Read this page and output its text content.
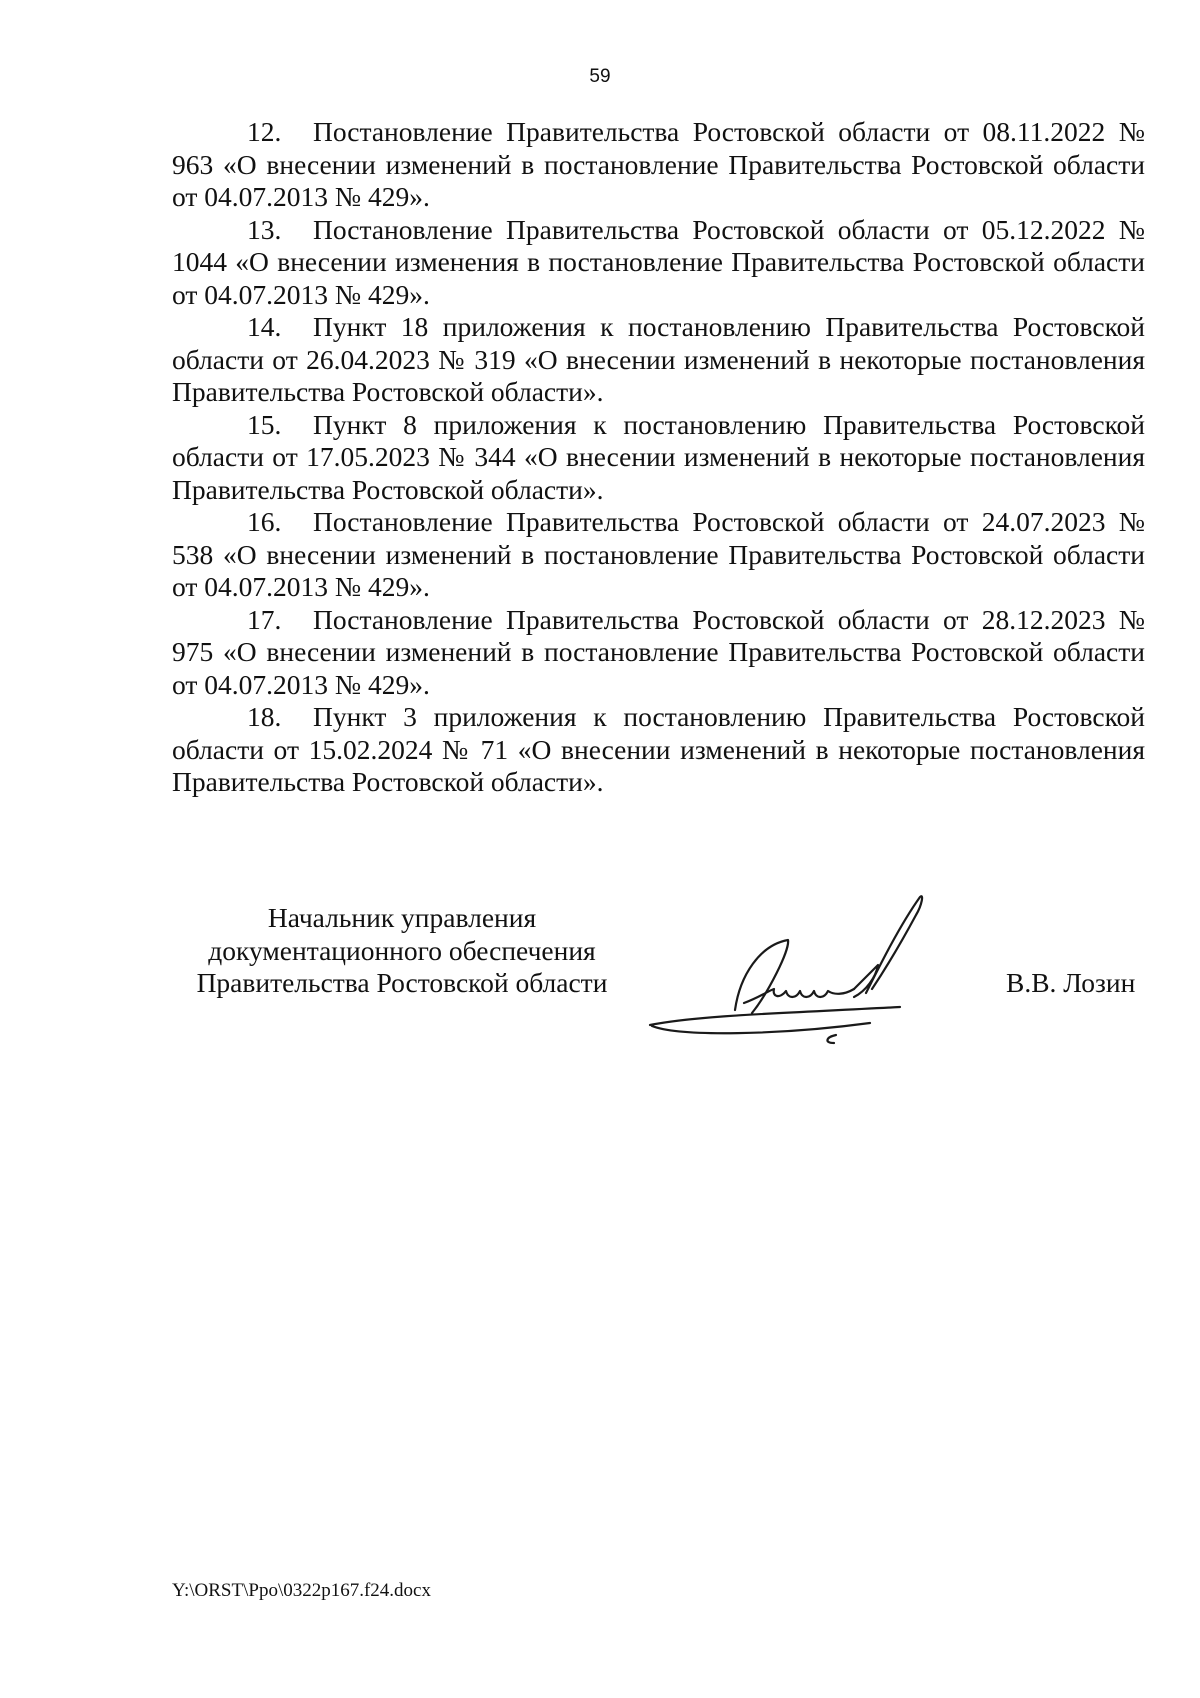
59

12. Постановление Правительства Ростовской области от 08.11.2022 № 963 «О внесении изменений в постановление Правительства Ростовской области от 04.07.2013 № 429».

13. Постановление Правительства Ростовской области от 05.12.2022 № 1044 «О внесении изменения в постановление Правительства Ростовской области от 04.07.2013 № 429».

14. Пункт 18 приложения к постановлению Правительства Ростовской области от 26.04.2023 № 319 «О внесении изменений в некоторые постановления Правительства Ростовской области».

15. Пункт 8 приложения к постановлению Правительства Ростовской области от 17.05.2023 № 344 «О внесении изменений в некоторые постановления Правительства Ростовской области».

16. Постановление Правительства Ростовской области от 24.07.2023 № 538 «О внесении изменений в постановление Правительства Ростовской области от 04.07.2013 № 429».

17. Постановление Правительства Ростовской области от 28.12.2023 № 975 «О внесении изменений в постановление Правительства Ростовской области от 04.07.2013 № 429».

18. Пункт 3 приложения к постановлению Правительства Ростовской области от 15.02.2024 № 71 «О внесении изменений в некоторые постановления Правительства Ростовской области».

Начальник управления
документационного обеспечения
Правительства Ростовской области	В.В. Лозин
Y:\ORST\Ppo\0322p167.f24.docx
